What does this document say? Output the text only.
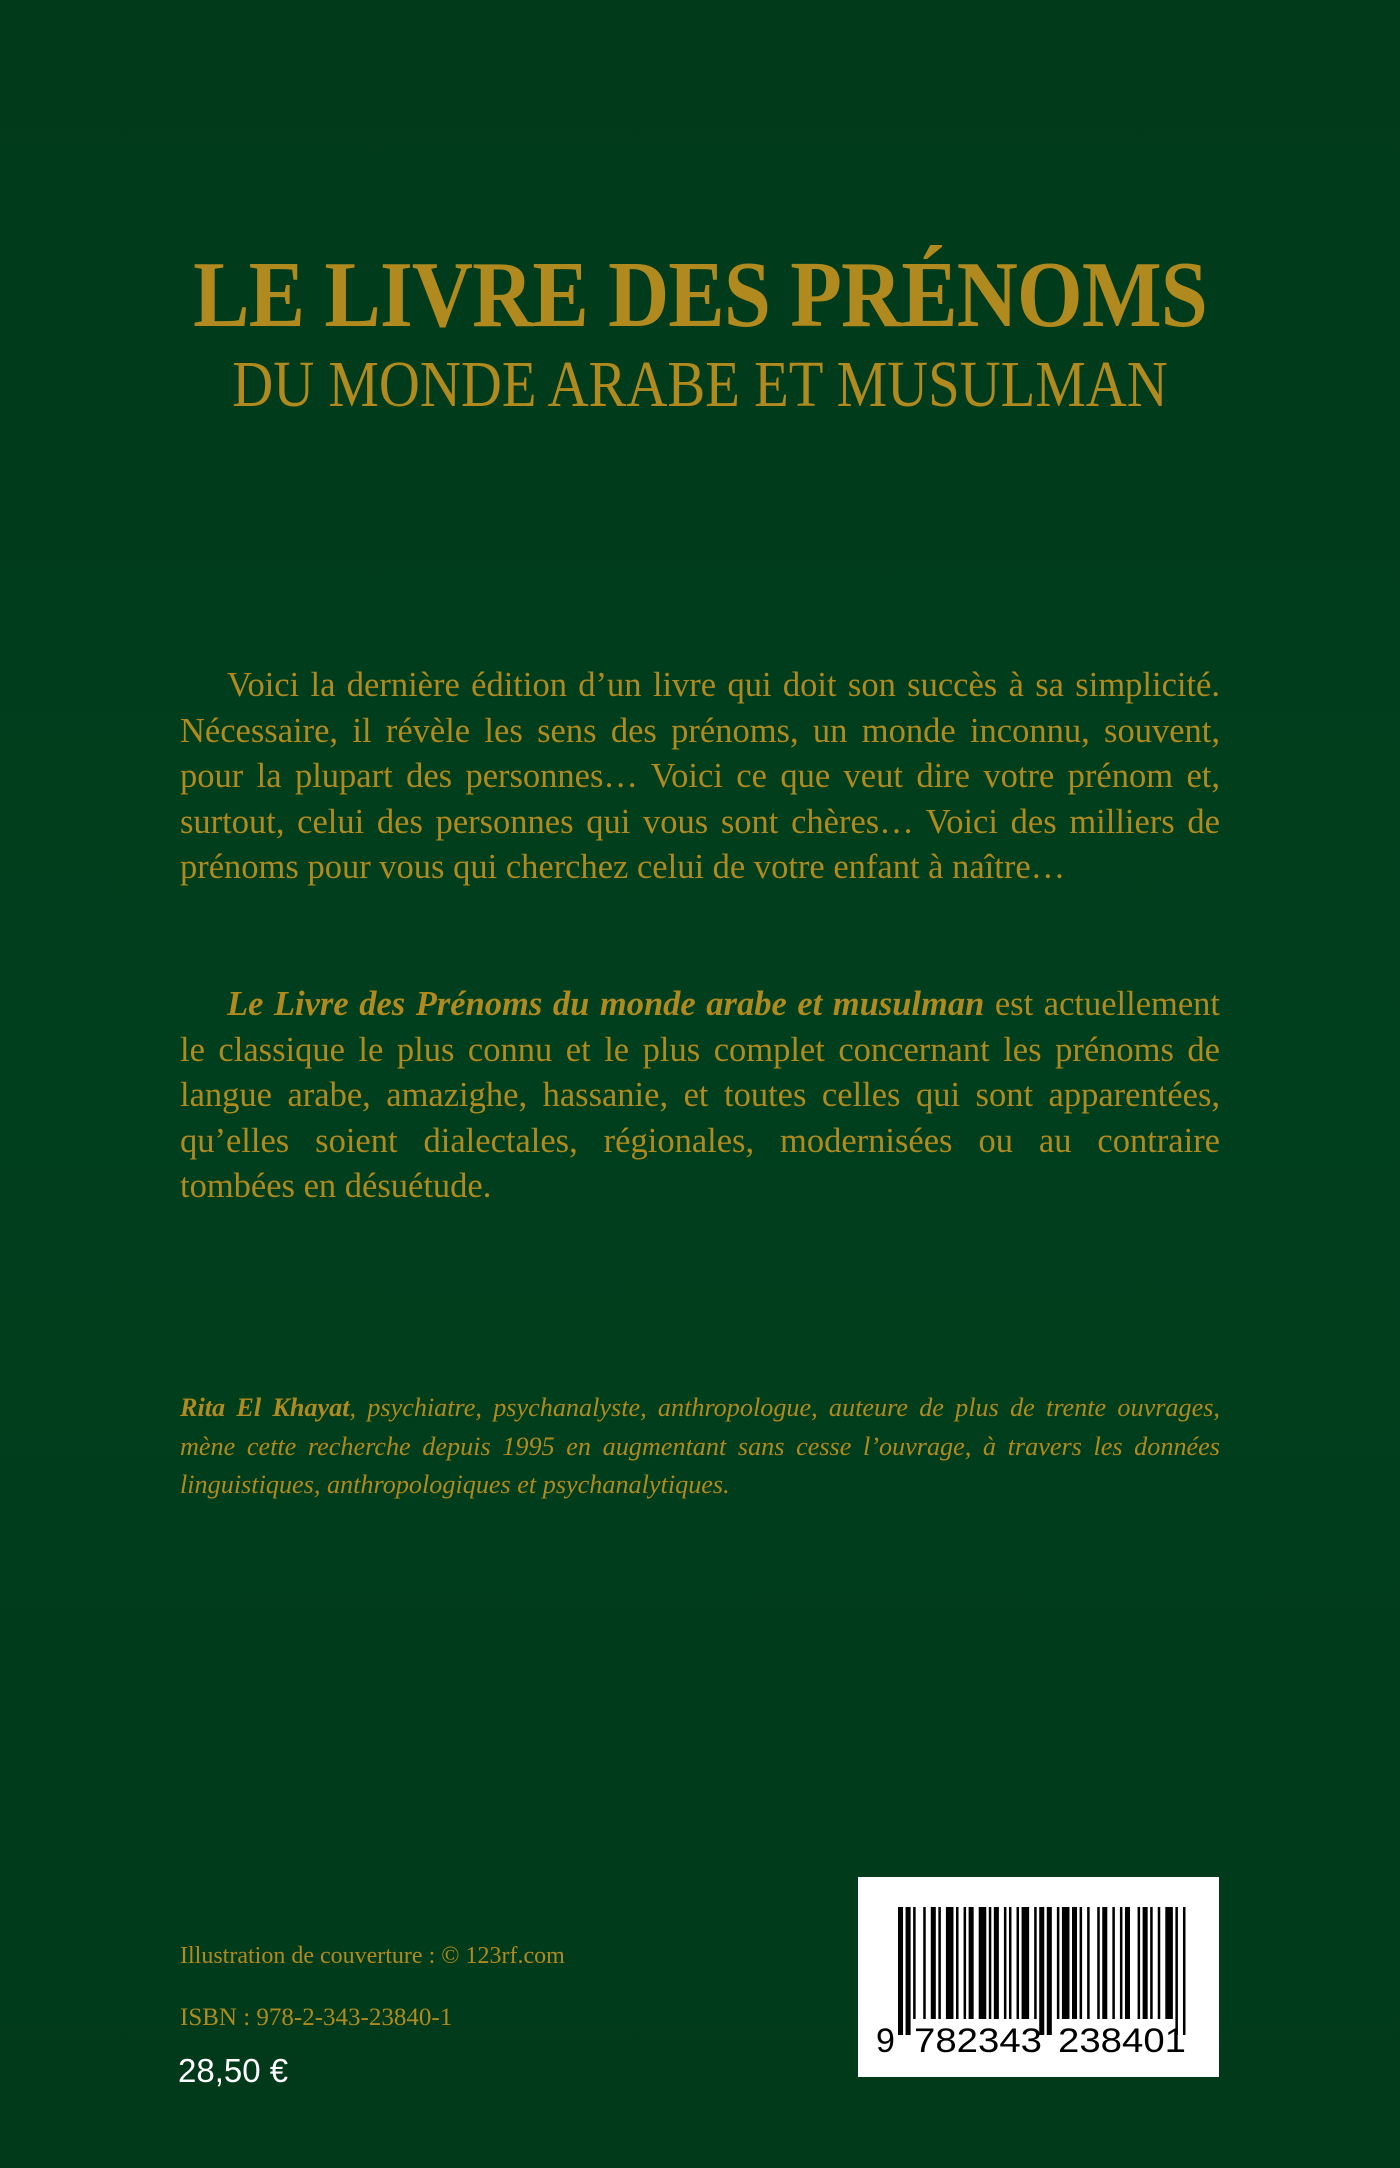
LE LIVRE DES PRÉNOMS
DU MONDE ARABE ET MUSULMAN

Voici la dernière édition d’un livre qui doit son succès à sa simplicité. Nécessaire, il révèle les sens des prénoms, un monde inconnu, souvent, pour la plupart des personnes… Voici ce que veut dire votre prénom et, surtout, celui des personnes qui vous sont chères… Voici des milliers de prénoms pour vous qui cherchez celui de votre enfant à naître…

Le Livre des Prénoms du monde arabe et musulman est actuellement le classique le plus connu et le plus complet concernant les prénoms de langue arabe, amazighe, hassanie, et toutes celles qui sont apparentées, qu’elles soient dialectales, régionales, modernisées ou au contraire tombées en désuétude.

Rita El Khayat, psychiatre, psychanalyste, anthropologue, auteure de plus de trente ouvrages, mène cette recherche depuis 1995 en augmentant sans cesse l’ouvrage, à travers les données linguistiques, anthropologiques et psychanalytiques.

Illustration de couverture : © 123rf.com
ISBN : 978-2-343-23840-1
28,50 €
9 782343 238401
